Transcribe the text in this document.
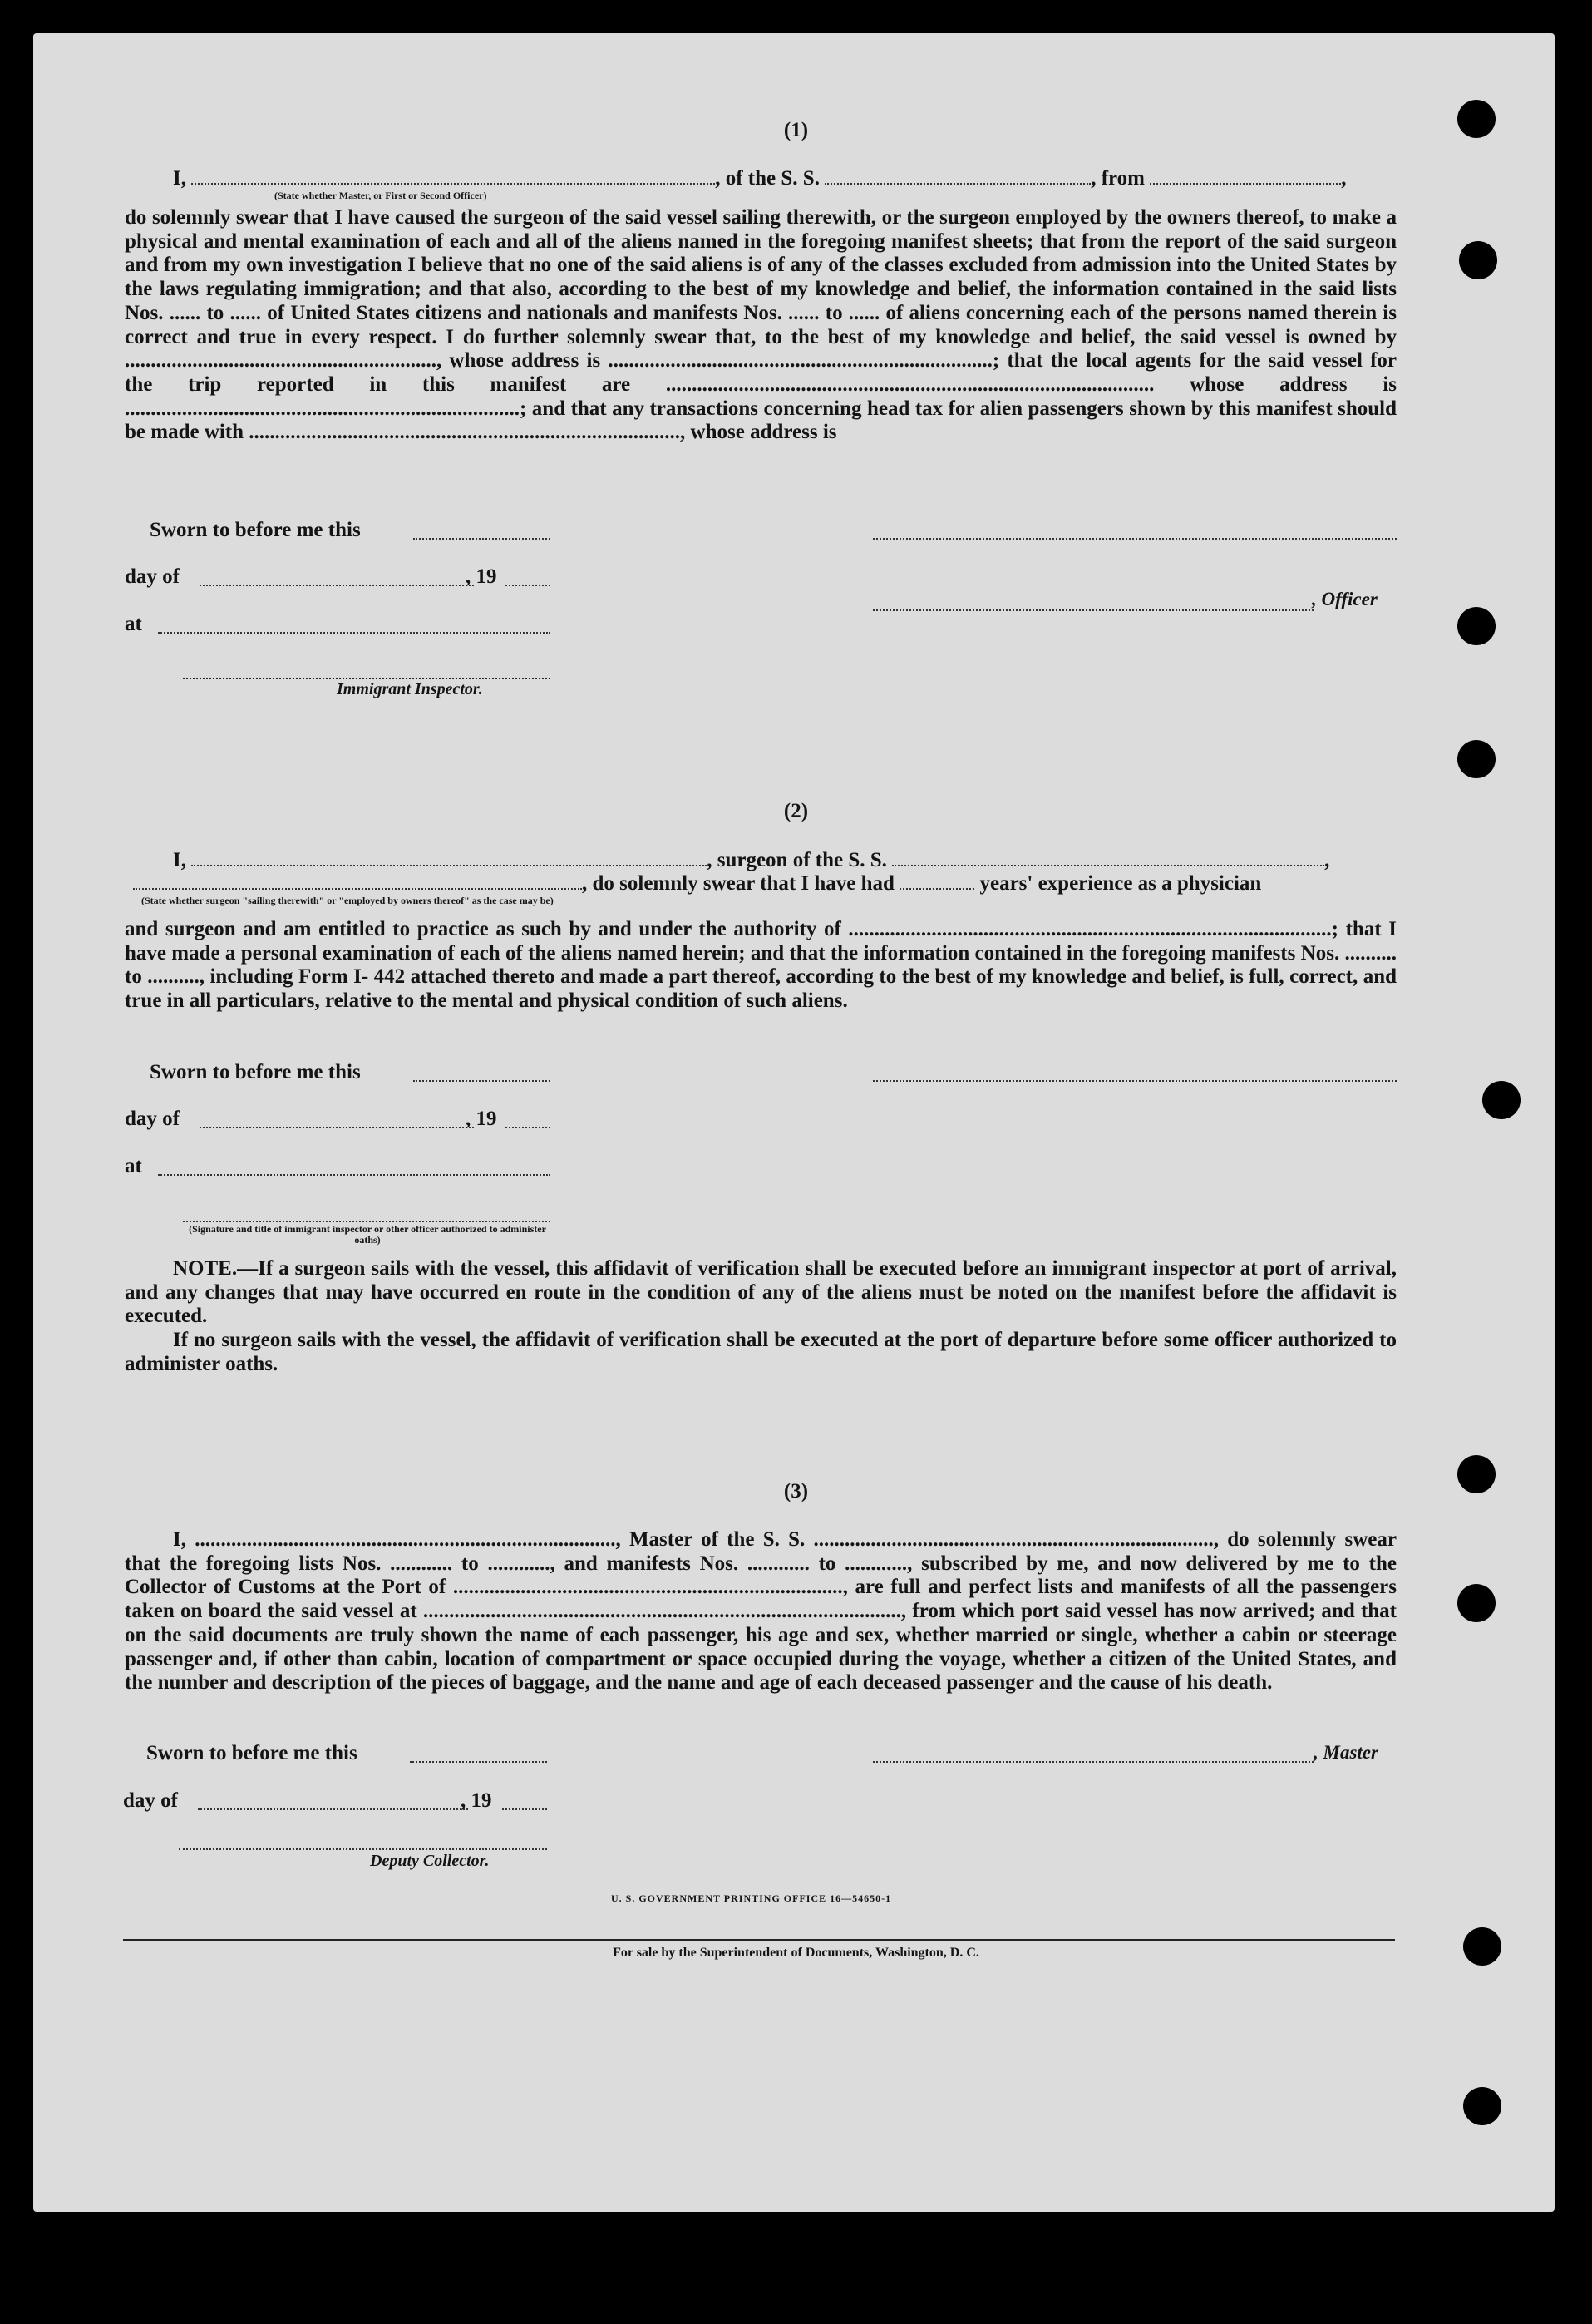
(1)
I,	, of the S. S.	, from	,
(State whether Master, or First or Second Officer)

do solemnly swear that I have caused the surgeon of the said vessel sailing therewith, or the surgeon employed by the owners thereof, to make a physical and mental examination of each and all of the aliens named in the foregoing manifest sheets; that from the report of the said surgeon and from my own investigation I believe that no one of the said aliens is of any of the classes excluded from admission into the United States by the laws regulating immigration; and that also, according to the best of my knowledge and belief, the information contained in the said lists Nos. ...... to ...... of United States citizens and nationals and manifests Nos. ...... to ...... of aliens concerning each of the persons named therein is correct and true in every respect. I do further solemnly swear that, to the best of my knowledge and belief, the said vessel is owned by ............................................................, whose address is ..........................................................................; that the local agents for the said vessel for the trip reported in this manifest are .............................................................................................. whose address is ............................................................................; and that any transactions concerning head tax for alien passengers shown by this manifest should be made with ..................................................................................., whose address is

Sworn to before me this
day of	, 19
, Officer
at
Immigrant Inspector.
(2)
I,	, surgeon of the S. S.	,
, do solemnly swear that I have had	years' experience as a physician
(State whether surgeon "sailing therewith" or "employed by owners thereof" as the case may be)

and surgeon and am entitled to practice as such by and under the authority of .............................................................................................; that I have made a personal examination of each of the aliens named herein; and that the information contained in the foregoing manifests Nos. .......... to .........., including Form I- 442 attached thereto and made a part thereof, according to the best of my knowledge and belief, is full, correct, and true in all particulars, relative to the mental and physical condition of such aliens.

Sworn to before me this
day of	, 19
at
(Signature and title of immigrant inspector or other officer authorized to administer oaths)

NOTE.—If a surgeon sails with the vessel, this affidavit of verification shall be executed before an immigrant inspector at port of arrival, and any changes that may have occurred en route in the condition of any of the aliens must be noted on the manifest before the affidavit is executed.

If no surgeon sails with the vessel, the affidavit of verification shall be executed at the port of departure before some officer authorized to administer oaths.

(3)

I, ................................................................................., Master of the S. S. ............................................................................., do solemnly swear that the foregoing lists Nos. ............ to ............, and manifests Nos. ............ to ............, subscribed by me, and now delivered by me to the Collector of Customs at the Port of ..........................................................................., are full and perfect lists and manifests of all the passengers taken on board the said vessel at ............................................................................................, from which port said vessel has now arrived; and that on the said documents are truly shown the name of each passenger, his age and sex, whether married or single, whether a cabin or steerage passenger and, if other than cabin, location of compartment or space occupied during the voyage, whether a citizen of the United States, and the number and description of the pieces of baggage, and the name and age of each deceased passenger and the cause of his death.

Sworn to before me this	, Master
day of	, 19
Deputy Collector.
U. S. GOVERNMENT PRINTING OFFICE 16—54650-1
For sale by the Superintendent of Documents, Washington, D. C.
